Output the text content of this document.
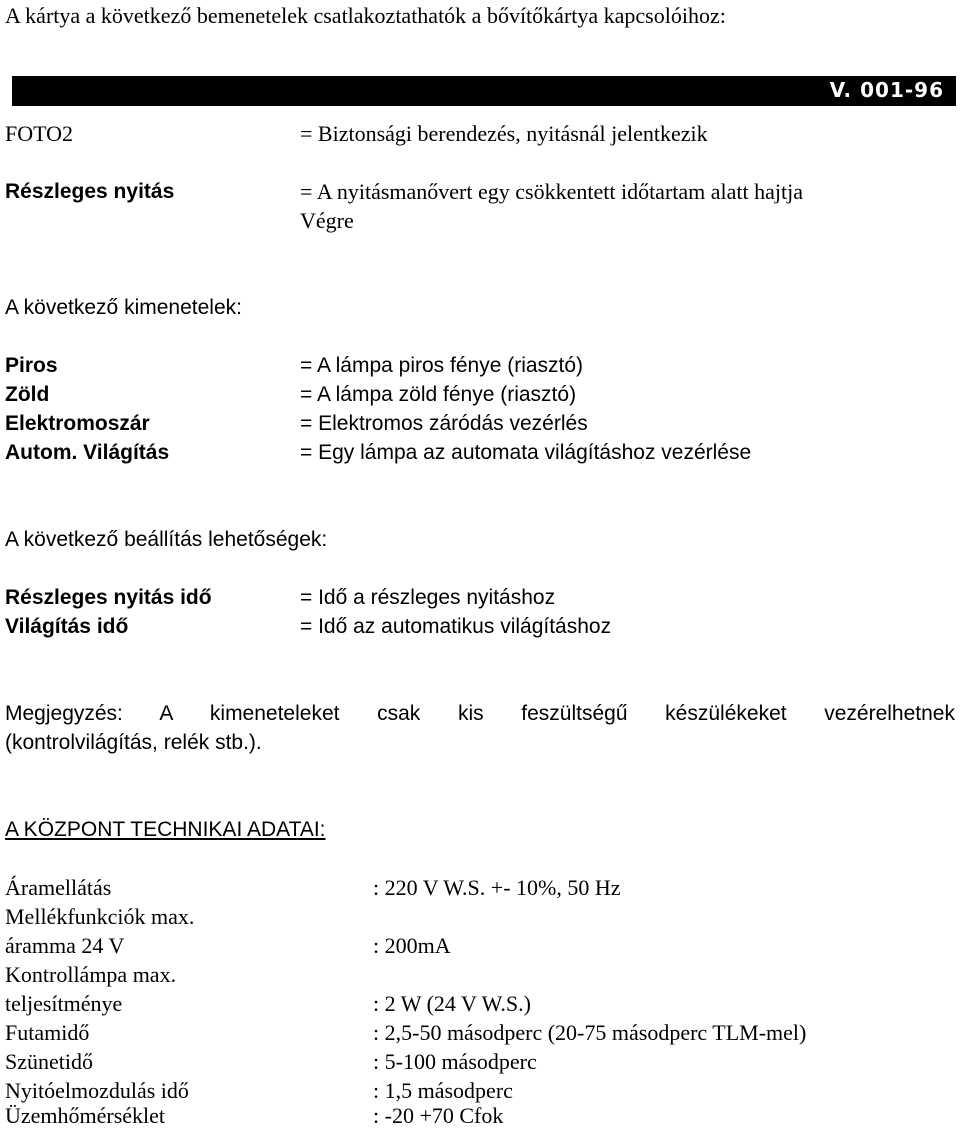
A kártya a következő bemenetelek csatlakoztathatók a bővítőkártya kapcsolóihoz:
V. 001-96
FOTO2	= Biztonsági berendezés, nyitásnál jelentkezik
Részleges nyitás	= A nyitásmanővert egy csökkentett időtartam alatt hajtja
Végre
A következő kimenetelek:
Piros	= A lámpa piros fénye (riasztó)
Zöld	= A lámpa zöld fénye (riasztó)
Elektromoszár	= Elektromos záródás vezérlés
Autom. Világítás	= Egy lámpa az automata világításhoz vezérlése
A következő beállítás lehetőségek:
Részleges nyitás idő	= Idő a részleges nyitáshoz
Világítás idő	= Idő az automatikus világításhoz
Megjegyzés: A kimeneteleket csak kis feszültségű készülékeket vezérelhetnek
(kontrolvilágítás, relék stb.).
A KÖZPONT TECHNIKAI ADATAI:
Áramellátás	: 220 V W.S. +- 10%, 50 Hz
Mellékfunkciók max.
áramma 24 V	: 200mA
Kontrollámpa max.
teljesítménye	: 2 W (24 V W.S.)
Futamidő	: 2,5-50 másodperc (20-75 másodperc TLM-mel)
Szünetidő	: 5-100 másodperc
Nyitóelmozdulás idő	: 1,5 másodperc
Üzemhőmérséklet	: -20 +70 Cfok
